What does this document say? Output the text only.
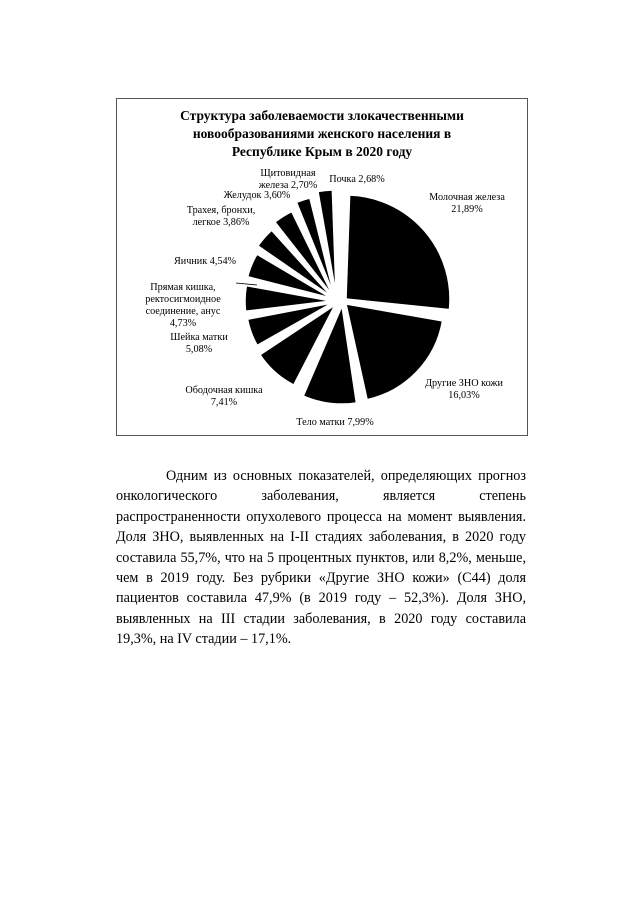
Структура заболеваемости злокачественными
новообразованиями женского населения в
Республике Крым в 2020 году

Молочная железа 21,89%
Другие ЗНО кожи 16,03%
Тело матки 7,99%
Ободочная кишка 7,41%
Шейка матки 5,08%
Прямая кишка, ректосигмоидное соединение, анус 4,73%
Яичник 4,54%
Трахея, бронхи, легкое 3,86%
Желудок 3,60%
Щитовидная железа 2,70%
Почка 2,68%

Одним из основных показателей, определяющих прогноз онкологического заболевания, является степень распространенности опухолевого процесса на момент выявления. Доля ЗНО, выявленных на I-II стадиях заболевания, в 2020 году составила 55,7%, что на 5 процентных пунктов, или 8,2%, меньше, чем в 2019 году. Без рубрики «Другие ЗНО кожи» (С44) доля пациентов составила 47,9% (в 2019 году – 52,3%). Доля ЗНО, выявленных на III стадии заболевания, в 2020 году составила 19,3%, на IV стадии – 17,1%.
